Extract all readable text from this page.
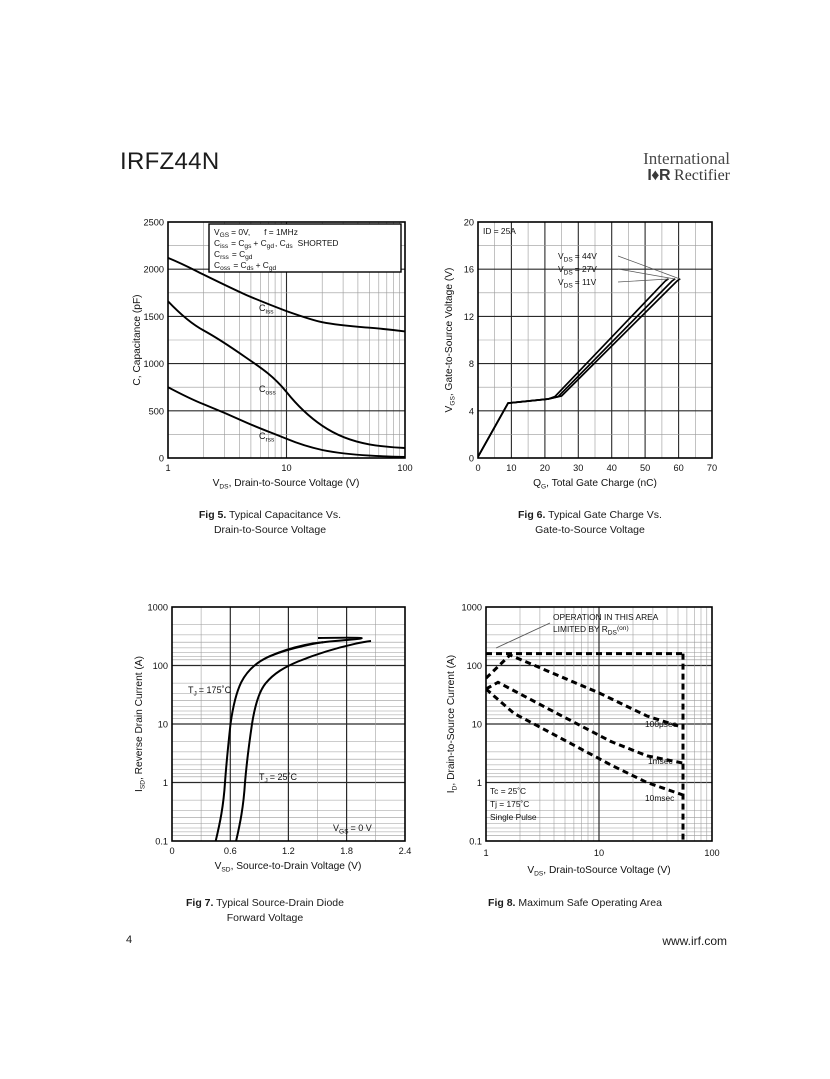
IRFZ44N	International
I♦R Rectifier
$V_{GS} = 0V$, f = 1MHz
$C_{iss} = C_{gs} + C_{gd}$, $C_{ds}$ SHORTED
$C_{rss} = C_{gd}$
$C_{oss} = C_{ds} + C_{gd}$
$C_{iss}$
$C_{oss}$
$C_{rss}$
2500
2000
1500
1000
500
0
1	10	100
$V_{DS}$, Drain-to-Source Voltage (V)
C, Capacitance (pF)
Fig 5. Typical Capacitance Vs.
Drain-to-Source Voltage
ID = 25A
$V_{DS} = 44V$
$V_{DS} = 27V$
$V_{DS} = 11V$
20
16
12
8
4
0
0	10	20	30	40	50	60	70
$Q_G$, Total Gate Charge (nC)
$V_{GS}$, Gate-to-Source Voltage (V)
Fig 6. Typical Gate Charge Vs.
Gate-to-Source Voltage
$T_J$ = 175˚C
$T_J$ = 25˚C
$V_{GS} = 0$ V
1000
100
10
1
0.1
0	0.6	1.2	1.8	2.4
$V_{SD}$, Source-to-Drain Voltage (V)
$I_{SD}$, Reverse Drain Current (A)
Fig 7. Typical Source-Drain Diode
Forward Voltage
OPERATION IN THIS AREA
LIMITED BY $R_{DS}^{(on)}$
100μsec
1msec
10msec
Tc = 25˚C
Tj = 175˚C
Single Pulse
1000
100
10
1
0.1
1	10	100
$V_{DS}$, Drain-toSource Voltage (V)
$I_D$, Drain-to-Source Current (A)
Fig 8. Maximum Safe Operating Area
4	www.irf.com
